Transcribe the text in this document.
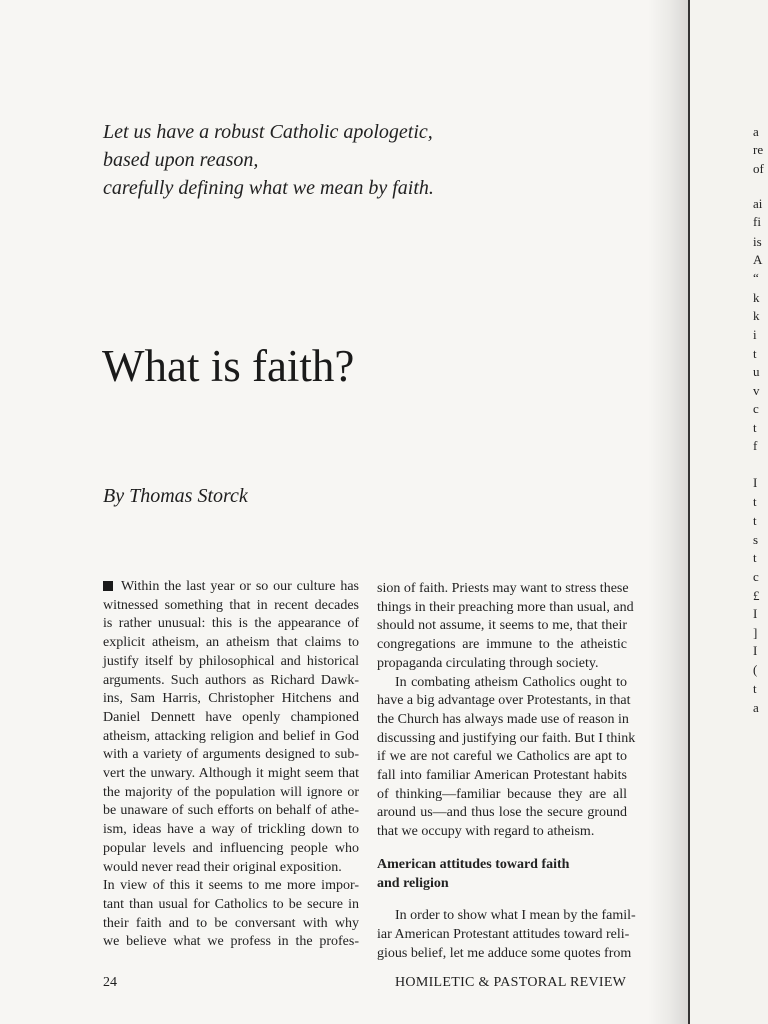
a
re
of
ai
fi
is
A
“
k
k
i
t
u
v
c
t
f
I
t
t
s
t
c
£
I
]
I
(
t
a
Let us have a robust Catholic apologetic,
based upon reason,
carefully defining what we mean by faith.
What is faith?
By Thomas Storck

Within the last year or so our culture has
witnessed something that in recent decades
is rather unusual: this is the appearance of
explicit atheism, an atheism that claims to
justify itself by philosophical and historical
arguments. Such authors as Richard Dawk-
ins, Sam Harris, Christopher Hitchens and
Daniel Dennett have openly championed
atheism, attacking religion and belief in God
with a variety of arguments designed to sub-
vert the unwary. Although it might seem that
the majority of the population will ignore or
be unaware of such efforts on behalf of athe-
ism, ideas have a way of trickling down to
popular levels and influencing people who
would never read their original exposition.
In view of this it seems to me more impor-
tant than usual for Catholics to be secure in
their faith and to be conversant with why
we believe what we profess in the profes-

sion of faith. Priests may want to stress these
things in their preaching more than usual, and
should not assume, it seems to me, that their
congregations are immune to the atheistic
propaganda circulating through society.

In combating atheism Catholics ought to
have a big advantage over Protestants, in that
the Church has always made use of reason in
discussing and justifying our faith. But I think
if we are not careful we Catholics are apt to
fall into familiar American Protestant habits
of thinking—familiar because they are all
around us—and thus lose the secure ground
that we occupy with regard to atheism.

American attitudes toward faith
and religion

In order to show what I mean by the famil-
iar American Protestant attitudes toward reli-
gious belief, let me adduce some quotes from

24	HOMILETIC & PASTORAL REVIEW
